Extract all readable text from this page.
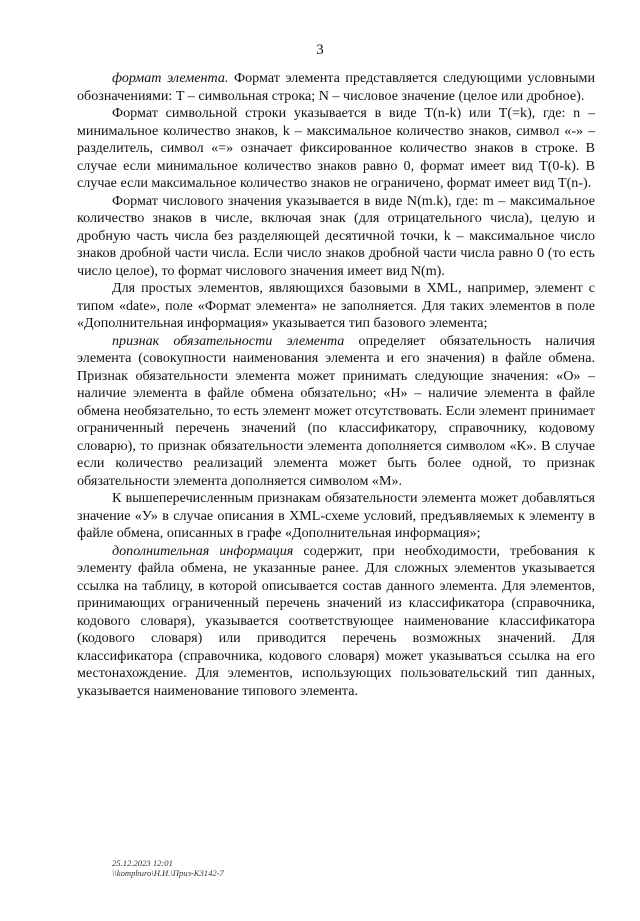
3

формат элемента. Формат элемента представляется следующими условными обозначениями: T – символьная строка; N – числовое значение (целое или дробное).

Формат символьной строки указывается в виде T(n-k) или T(=k), где: n – минимальное количество знаков, k – максимальное количество знаков, символ «-» – разделитель, символ «=» означает фиксированное количество знаков в строке. В случае если минимальное количество знаков равно 0, формат имеет вид T(0-k). В случае если максимальное количество знаков не ограничено, формат имеет вид T(n-).

Формат числового значения указывается в виде N(m.k), где: m – максимальное количество знаков в числе, включая знак (для отрицательного числа), целую и дробную часть числа без разделяющей десятичной точки, k – максимальное число знаков дробной части числа. Если число знаков дробной части числа равно 0 (то есть число целое), то формат числового значения имеет вид N(m).

Для простых элементов, являющихся базовыми в XML, например, элемент с типом «date», поле «Формат элемента» не заполняется. Для таких элементов в поле «Дополнительная информация» указывается тип базового элемента;

признак обязательности элемента определяет обязательность наличия элемента (совокупности наименования элемента и его значения) в файле обмена. Признак обязательности элемента может принимать следующие значения: «О» – наличие элемента в файле обмена обязательно; «Н» – наличие элемента в файле обмена необязательно, то есть элемент может отсутствовать. Если элемент принимает ограниченный перечень значений (по классификатору, справочнику, кодовому словарю), то признак обязательности элемента дополняется символом «К». В случае если количество реализаций элемента может быть более одной, то признак обязательности элемента дополняется символом «М».

К вышеперечисленным признакам обязательности элемента может добавляться значение «У» в случае описания в XML-схеме условий, предъявляемых к элементу в файле обмена, описанных в графе «Дополнительная информация»;

дополнительная информация содержит, при необходимости, требования к элементу файла обмена, не указанные ранее. Для сложных элементов указывается ссылка на таблицу, в которой описывается состав данного элемента. Для элементов, принимающих ограниченный перечень значений из классификатора (справочника, кодового словаря), указывается соответствующее наименование классификатора (кодового словаря) или приводится перечень возможных значений. Для классификатора (справочника, кодового словаря) может указываться ссылка на его местонахождение. Для элементов, использующих пользовательский тип данных, указывается наименование типового элемента.

25.12.2023 12:01
\\kompburo\Н.И.\Приз-К3142-7
